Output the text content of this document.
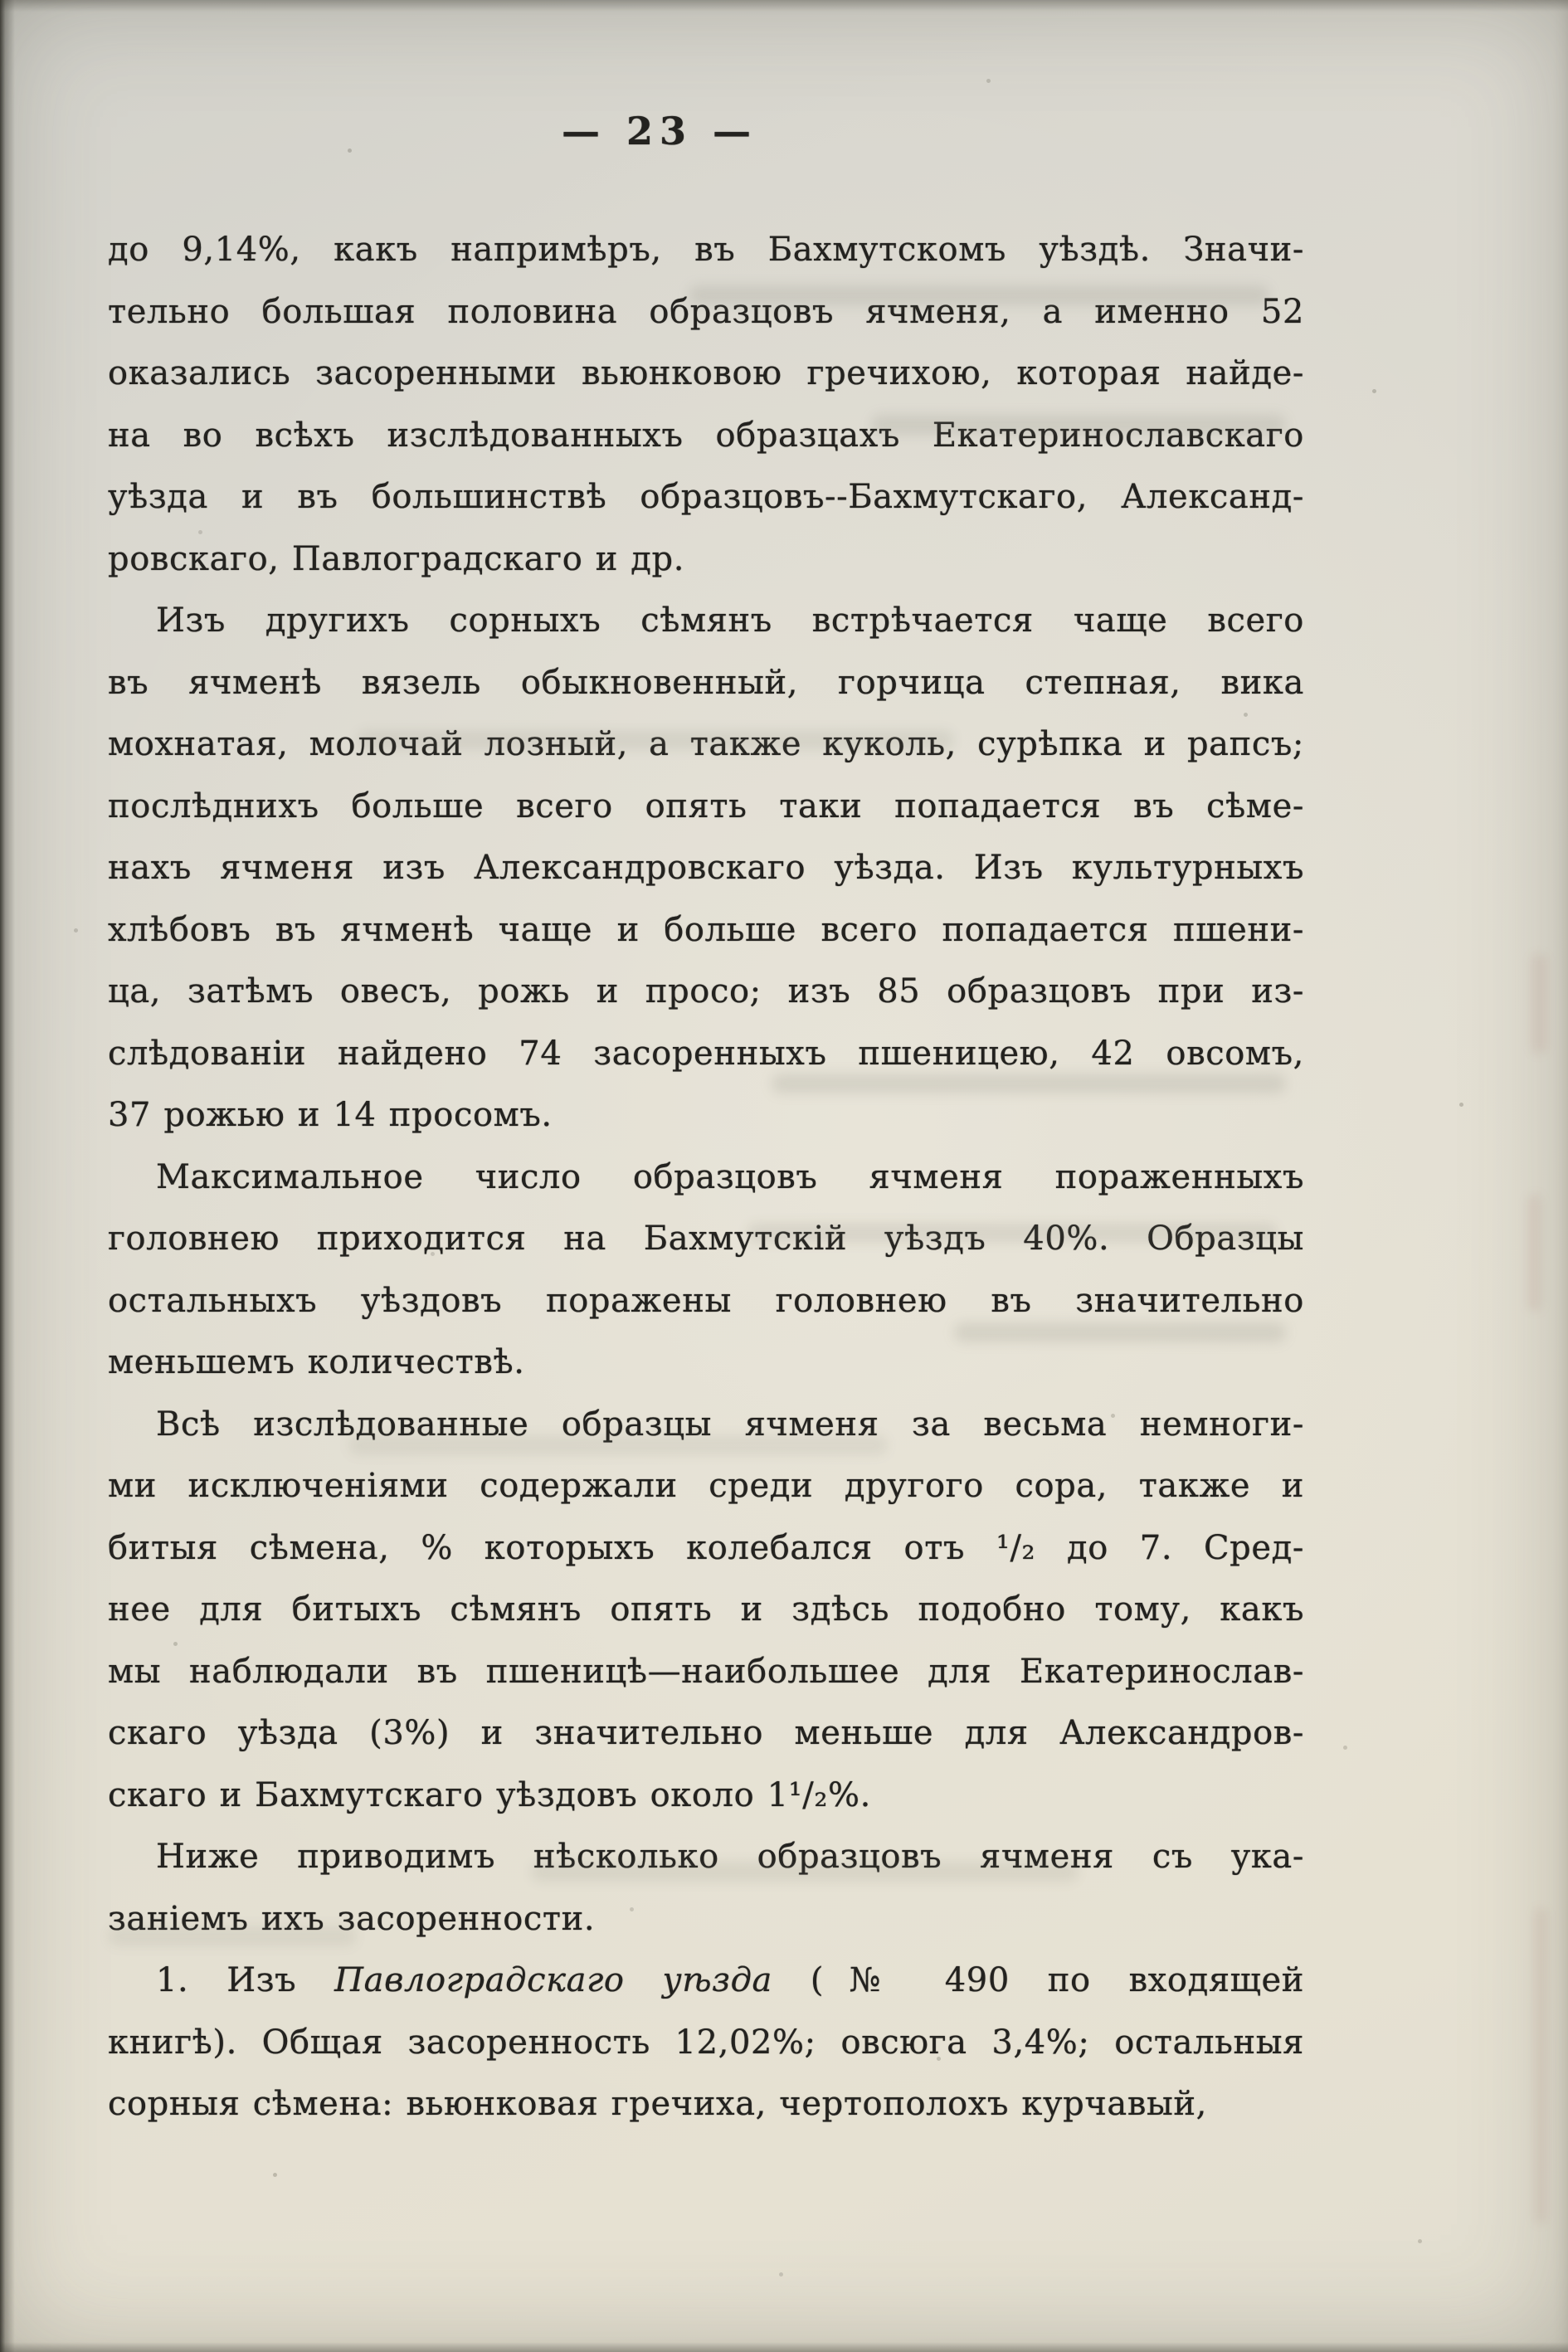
— 23 —
до 9,14%, какъ напримѣръ, въ Бахмутскомъ уѣздѣ. Значи-
тельно большая половина образцовъ ячменя, а именно 52
оказались засоренными вьюнковою гречихою, которая найде-
на во всѣхъ изслѣдованныхъ образцахъ Екатеринославскаго
уѣзда и въ большинствѣ образцовъ--Бахмутскаго, Александ-
ровскаго, Павлоградскаго и др.
Изъ другихъ сорныхъ сѣмянъ встрѣчается чаще всего
въ ячменѣ вязель обыкновенный, горчица степная, вика
мохнатая, молочай лозный, а также куколь, сурѣпка и рапсъ;
послѣднихъ больше всего опять таки попадается въ сѣме-
нахъ ячменя изъ Александровскаго уѣзда. Изъ культурныхъ
хлѣбовъ въ ячменѣ чаще и больше всего попадается пшени-
ца, затѣмъ овесъ, рожь и просо; изъ 85 образцовъ при из-
слѣдованіи найдено 74 засоренныхъ пшеницею, 42 овсомъ,
37 рожью и 14 просомъ.
Максимальное число образцовъ ячменя пораженныхъ
головнею приходится на Бахмутскій уѣздъ 40%. Образцы
остальныхъ уѣздовъ поражены головнею въ значительно
меньшемъ количествѣ.
Всѣ изслѣдованные образцы ячменя за весьма немноги-
ми исключеніями содержали среди другого сора, также и
битыя сѣмена, % которыхъ колебался отъ ¹/₂ до 7. Сред-
нее для битыхъ сѣмянъ опять и здѣсь подобно тому, какъ
мы наблюдали въ пшеницѣ—наибольшее для Екатеринослав-
скаго уѣзда (3%) и значительно меньше для Александров-
скаго и Бахмутскаго уѣздовъ около 1¹/₂%.
Ниже приводимъ нѣсколько образцовъ ячменя съ ука-
заніемъ ихъ засоренности.
1. Изъ Павлоградскаго уѣзда (№ 490 по входящей
книгѣ). Общая засоренность 12,02%; овсюга 3,4%; остальныя
сорныя сѣмена: вьюнковая гречиха, чертополохъ курчавый,
